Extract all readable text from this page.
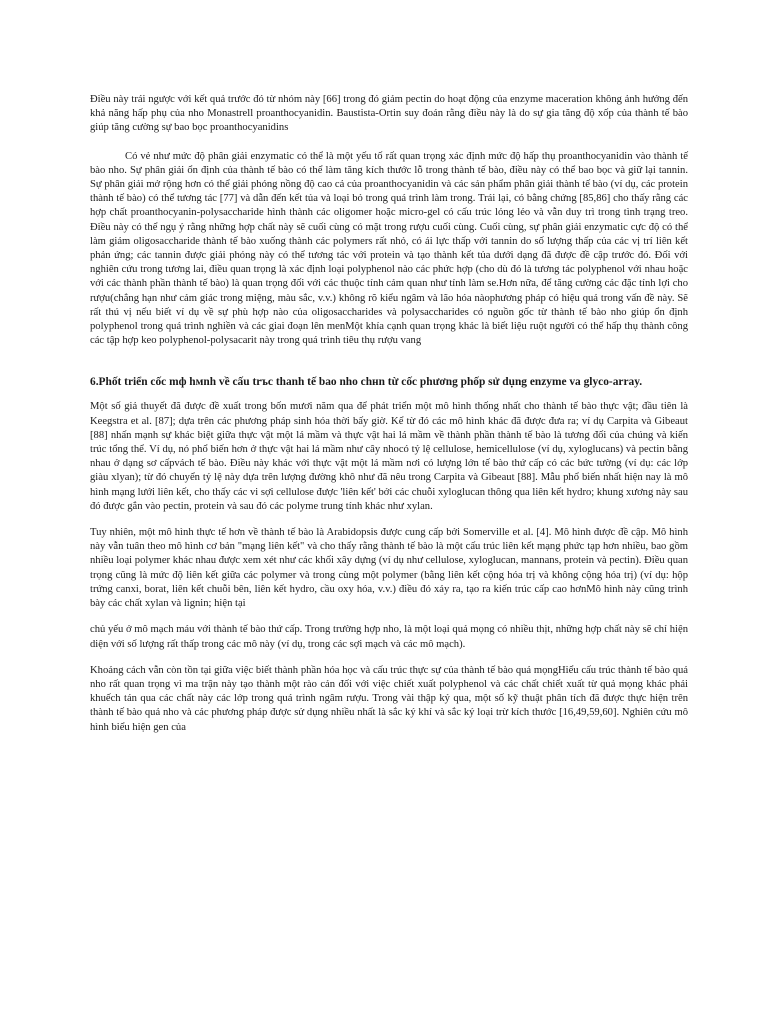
Điều này trái ngược với kết quả trước đó từ nhóm này [66] trong đó giảm pectin do hoạt động của enzyme maceration không ảnh hưởng đến khả năng hấp phụ của nho Monastrell proanthocyanidin. Baustista-Ortin suy đoán rằng điều này là do sự gia tăng độ xốp của thành tế bào giúp tăng cường sự bao bọc proanthocyanidins

Có vẻ như mức độ phân giải enzymatic có thể là một yếu tố rất quan trọng xác định mức độ hấp thụ proanthocyanidin vào thành tế bào nho. Sự phân giải ổn định của thành tế bào có thể làm tăng kích thước lỗ trong thành tế bào, điều này có thể bao bọc và giữ lại tannin. Sự phân giải mở rộng hơn có thể giải phóng nồng độ cao cả của proanthocyanidin và các sản phẩm phân giải thành tế bào (ví dụ, các protein thành tế bào) có thể tương tác [77] và dẫn đến kết tủa và loại bỏ trong quá trình làm trong. Trái lại, có bằng chứng [85,86] cho thấy rằng các hợp chất proanthocyanin-polysaccharide hình thành các oligomer hoặc micro-gel có cấu trúc lỏng lẻo và vẫn duy trì trong tình trạng treo. Điều này có thể ngụ ý rằng những hợp chất này sẽ cuối cùng có mặt trong rượu cuối cùng. Cuối cùng, sự phân giải enzymatic cực độ có thể làm giảm oligosaccharide thành tế bào xuống thành các polymers rất nhỏ, có ái lực thấp với tannin do số lượng thấp của các vị trí liên kết phản ứng; các tannin được giải phóng này có thể tương tác với protein và tạo thành kết tủa dưới dạng đã được đề cập trước đó. Đối với nghiên cứu trong tương lai, điều quan trọng là xác định loại polyphenol nào các phức hợp (cho dù đó là tương tác polyphenol với nhau hoặc với các thành phần thành tế bào) là quan trọng đối với các thuộc tính cảm quan như tính làm se.Hơn nữa, để tăng cường các đặc tính lợi cho rượu(chẳng hạn như cảm giác trong miệng, màu sắc, v.v.) không rõ kiểu ngâm và lão hóa nàophương pháp có hiệu quả trong vấn đề này. Sẽ rất thú vị nếu biết ví dụ về sự phù hợp nào của oligosaccharides và polysaccharides có nguồn gốc từ thành tế bào nho giúp ổn định polyphenol trong quá trình nghiền và các giai đoạn lên menMột khía cạnh quan trọng khác là biết liệu ruột người có thể hấp thụ thành công các tập hợp keo polyphenol-polysacarit này trong quá trình tiêu thụ rượu vang

6.Phốt triển cốc mф hмnh về cấu trъc thanh tế bao nho chнn từ cốc phương phốp sử dụng enzyme va glyco-array.

Một số giả thuyết đã được đề xuất trong bốn mươi năm qua để phát triển một mô hình thống nhất cho thành tế bào thực vật; đầu tiên là Keegstra et al. [87]; dựa trên các phương pháp sinh hóa thời bấy giờ. Kể từ đó các mô hình khác đã được đưa ra; ví dụ Carpita và Gibeaut [88] nhấn mạnh sự khác biệt giữa thực vật một lá mầm và thực vật hai lá mầm về thành phần thành tế bào là tương đối của chúng và kiến trúc tổng thể. Ví dụ, nó phổ biến hơn ở thực vật hai lá mầm như cây nhocó tỷ lệ cellulose, hemicellulose (ví dụ, xyloglucans) và pectin bằng nhau ở dạng sơ cấpvách tế bào. Điều này khác với thực vật một lá mầm nơi có lượng lớn tế bào thứ cấp có các bức tường (ví dụ: các lớp giàu xlyan); từ đó chuyển tỷ lệ này dựa trên lượng đường khô như đã nêu trong Carpita và Gibeaut [88]. Mẫu phổ biến nhất hiện nay là mô hình mạng lưới liên kết, cho thấy các vi sợi cellulose được 'liên kết' bởi các chuỗi xyloglucan thông qua liên kết hydro; khung xương này sau đó được gắn vào pectin, protein và sau đó các polyme trung tính khác như xylan.

Tuy nhiên, một mô hình thực tế hơn về thành tế bào là Arabidopsis được cung cấp bởi Somerville et al. [4]. Mô hình được đề cập. Mô hình này vẫn tuân theo mô hình cơ bản "mạng liên kết" và cho thấy rằng thành tế bào là một cấu trúc liên kết mạng phức tạp hơn nhiều, bao gồm nhiều loại polymer khác nhau được xem xét như các khối xây dựng (ví dụ như cellulose, xyloglucan, mannans, protein và pectin). Điều quan trọng cũng là mức độ liên kết giữa các polymer và trong cùng một polymer (bằng liên kết cộng hóa trị và không cộng hóa trị) (ví dụ: hộp trứng canxi, borat, liên kết chuỗi bên, liên kết hydro, cầu oxy hóa, v.v.) điều đó xảy ra, tạo ra kiến trúc cấp cao hơnMô hình này cũng trình bày các chất xylan và lignin; hiện tại

chủ yếu ở mô mạch máu với thành tế bào thứ cấp. Trong trường hợp nho, là một loại quả mọng có nhiều thịt, những hợp chất này sẽ chỉ hiện diện với số lượng rất thấp trong các mô này (ví dụ, trong các sợi mạch và các mô mạch).

Khoảng cách vẫn còn tồn tại giữa việc biết thành phần hóa học và cấu trúc thực sự của thành tế bào quả mọngHiểu cấu trúc thành tế bào quả nho rất quan trọng vì ma trận này tạo thành một rào cản đối với việc chiết xuất polyphenol và các chất chiết xuất từ quả mọng khác phải khuếch tán qua các chất này các lớp trong quá trình ngâm rượu. Trong vài thập kỷ qua, một số kỹ thuật phân tích đã được thực hiện trên thành tế bào quả nho và các phương pháp được sử dụng nhiều nhất là sắc ký khí và sắc ký loại trừ kích thước [16,49,59,60]. Nghiên cứu mô hình biểu hiện gen của
